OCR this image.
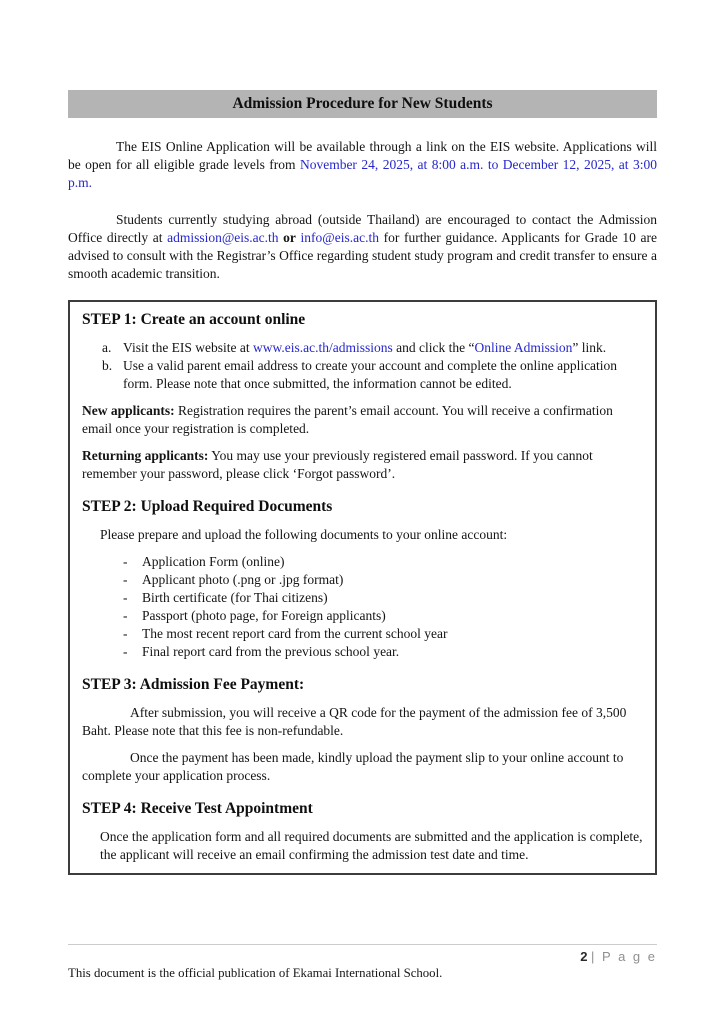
Admission Procedure for New Students

The EIS Online Application will be available through a link on the EIS website. Applications will be open for all eligible grade levels from November 24, 2025, at 8:00 a.m. to December 12, 2025, at 3:00 p.m.

Students currently studying abroad (outside Thailand) are encouraged to contact the Admission Office directly at admission@eis.ac.th or info@eis.ac.th for further guidance. Applicants for Grade 10 are advised to consult with the Registrar’s Office regarding student study program and credit transfer to ensure a smooth academic transition.

STEP 1: Create an account online
a. Visit the EIS website at www.eis.ac.th/admissions and click the “Online Admission” link.
b. Use a valid parent email address to create your account and complete the online application form. Please note that once submitted, the information cannot be edited.

New applicants: Registration requires the parent’s email account. You will receive a confirmation email once your registration is completed.

Returning applicants: You may use your previously registered email password. If you cannot remember your password, please click ‘Forgot password’.

STEP 2: Upload Required Documents

Please prepare and upload the following documents to your online account:

-	Application Form (online)
-	Applicant photo (.png or .jpg format)
-	Birth certificate (for Thai citizens)
-	Passport (photo page, for Foreign applicants)
-	The most recent report card from the current school year
-	Final report card from the previous school year.
STEP 3: Admission Fee Payment:

After submission, you will receive a QR code for the payment of the admission fee of 3,500 Baht. Please note that this fee is non-refundable.

Once the payment has been made, kindly upload the payment slip to your online account to complete your application process.

STEP 4: Receive Test Appointment

Once the application form and all required documents are submitted and the application is complete, the applicant will receive an email confirming the admission test date and time.

2 | P a g e
This document is the official publication of Ekamai International School.
